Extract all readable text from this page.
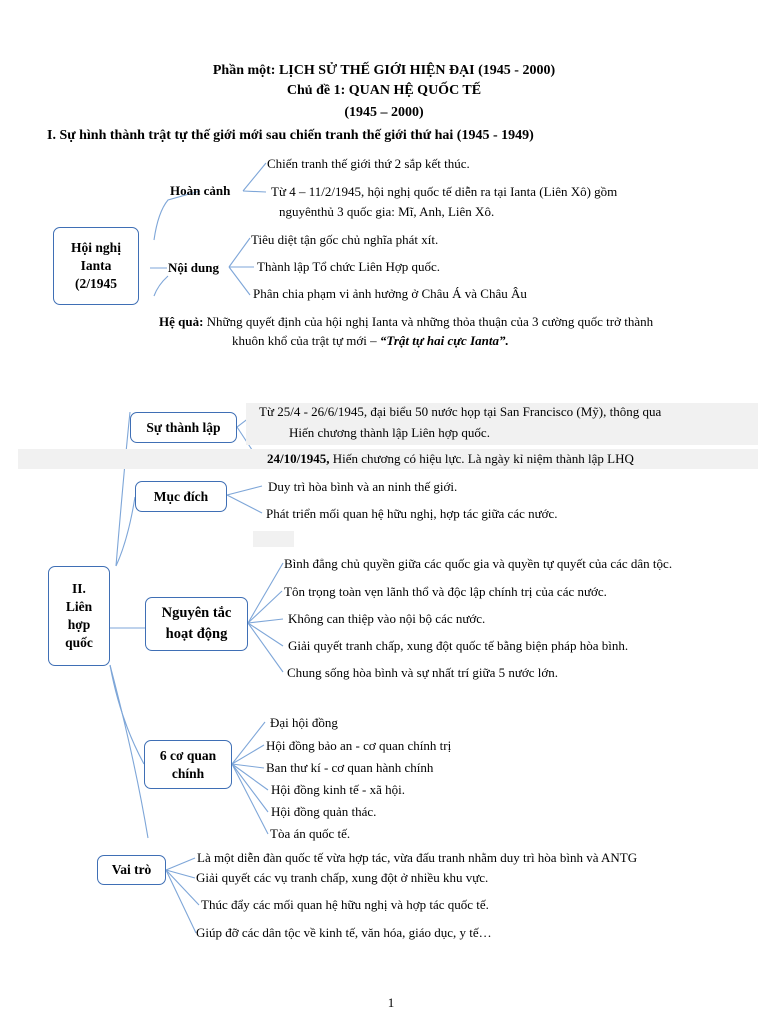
Phần một: LỊCH SỬ THẾ GIỚI HIỆN ĐẠI (1945 - 2000)
Chủ đề 1: QUAN HỆ QUỐC TẾ
(1945 – 2000)
I. Sự hình thành trật tự thế giới mới sau chiến tranh thế giới thứ hai (1945 - 1949)
Hội nghị
Ianta
(2/1945
Hoàn cảnh
Chiến tranh thế giới thứ 2 sắp kết thúc.
Từ 4 – 11/2/1945, hội nghị quốc tế diễn ra tại Ianta (Liên Xô) gồm
nguyênthủ 3 quốc gia: Mĩ, Anh, Liên Xô.
Nội dung
Tiêu diệt tận gốc chủ nghĩa phát xít.
Thành lập Tổ chức Liên Hợp quốc.
Phân chia phạm vi ảnh hưởng ở Châu Á và Châu Âu
Hệ quả: Những quyết định của hội nghị Ianta và những thỏa thuận của 3 cường quốc trở thành
khuôn khổ của trật tự mới – “Trật tự hai cực Ianta”.
II.
Liên
hợp
quốc
Sự thành lập
Từ 25/4 - 26/6/1945, đại biểu 50 nước họp tại San Francisco (Mỹ), thông qua
Hiến chương thành lập Liên hợp quốc.
24/10/1945, Hiến chương có hiệu lực. Là ngày kỉ niệm thành lập LHQ
Mục đích
Duy trì hòa bình và an ninh thế giới.
Phát triển mối quan hệ hữu nghị, hợp tác giữa các nước.
Nguyên tắc
hoạt động
Bình đẳng chủ quyền giữa các quốc gia và quyền tự quyết của các dân tộc.
Tôn trọng toàn vẹn lãnh thổ và độc lập chính trị của các nước.
Không can thiệp vào nội bộ các nước.
Giải quyết tranh chấp, xung đột quốc tế bằng biện pháp hòa bình.
Chung sống hòa bình và sự nhất trí giữa 5 nước lớn.
6 cơ quan
chính
Đại hội đồng
Hội đồng bảo an - cơ quan chính trị
Ban thư kí - cơ quan hành chính
Hội đồng kinh tế - xã hội.
Hội đồng quản thác.
Tòa án quốc tế.
Vai trò
Là một diễn đàn quốc tế vừa hợp tác, vừa đấu tranh nhằm duy trì hòa bình và ANTG
Giải quyết các vụ tranh chấp, xung đột ở nhiều khu vực.
Thúc đẩy các mối quan hệ hữu nghị và hợp tác quốc tế.
Giúp đỡ các dân tộc về kinh tế, văn hóa, giáo dục, y tế…
1
